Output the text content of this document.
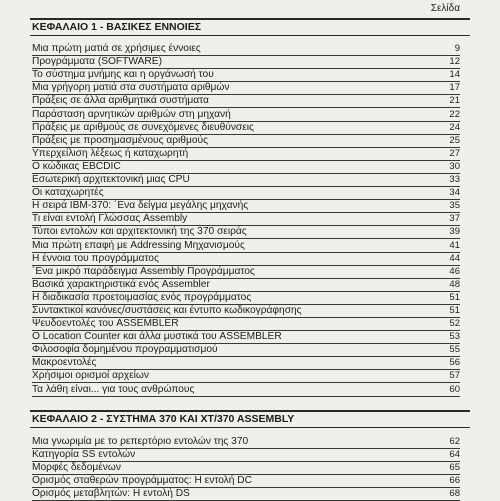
Σελίδα
ΚΕΦΑΛΑΙΟ 1 - ΒΑΣΙΚΕΣ ΕΝΝΟΙΕΣ
Μια πρώτη ματιά σε χρήσιμες έννοιες	9
Προγράμματα (SOFTWARE)	12
Το σύστημα μνήμης και η οργάνωσή του	14
Μια γρήγορη ματιά στα συστήματα αριθμών	17
Πράξεις σε άλλα αριθμητικά συστήματα	21
Παράσταση αρνητικών αριθμών στη μηχανή	22
Πράξεις με αριθμούς σε συνεχόμενες διευθύνσεις	24
Πράξεις με προσημασμένους αριθμούς	25
Υπερχείλιση λέξεως ή καταχωρητή	27
Ο κώδικας EBCDIC	30
Εσωτερική αρχιτεκτονική μιας CPU	33
Οι καταχωρητές	34
Η σειρά IBM-370: ´Ενα δείγμα μεγάλης μηχανής	35
Τι είναι εντολή Γλώσσας Assembly	37
Τύποι εντολών και αρχιτεκτονική της 370 σειράς	39
Μια πρώτη επαφή με Addressing Μηχανισμούς	41
Η έννοια του προγράμματος	44
´Ενα μικρό παράδειγμα Assembly Προγράμματος	46
Βασικά χαρακτηριστικά ενός Assembler	48
Η διαδικασία προετοιμασίας ενός προγράμματος	51
Συντακτικοί κανόνες/συστάσεις και έντυπο κωδικογράφησης	51
Ψευδοεντολές του ASSEMBLER	52
Ο Location Counter και άλλα μυστικά του ASSEMBLER	53
Φιλοσοφία δομημένου προγραμματισμού	55
Μακροεντολές	56
Χρήσιμοι ορισμοί αρχείων	57
Τα λάθη είναι... για τους ανθρώπους	60
ΚΕΦΑΛΑΙΟ 2 - ΣΥΣΤΗΜΑ 370 ΚΑΙ XT/370 ASSEMBLY
Μια γνωριμία με το ρεπερτόριο εντολών της 370	62
Κατηγορία SS εντολών	64
Μορφές δεδομένων	65
Ορισμός σταθερών προγράμματος: Η εντολή DC	66
Ορισμός μεταβλητών: Η εντολή DS	68
